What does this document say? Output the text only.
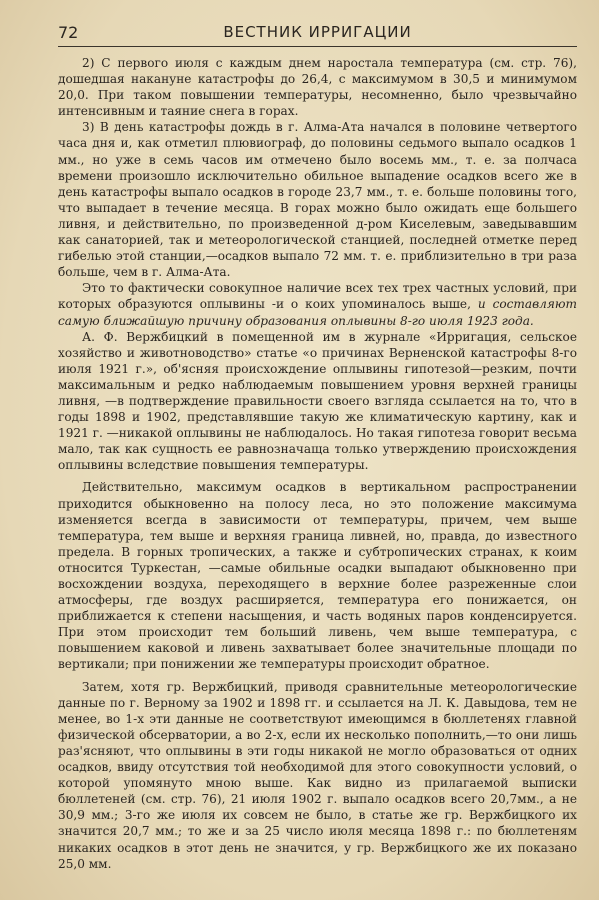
72	ВЕСТНИК ИРРИГАЦИИ

2) С первого июля с каждым днем наростала температура (см. стр. 76), дошедшая накануне катастрофы до 26,4, с максимумом в 30,5 и минимумом 20,0. При таком повышении температуры, несомненно, было чрезвычайно интенсивным и таяние снега в горах.

3) В день катастрофы дождь в г. Алма-Ата начался в половине четвертого часа дня и, как отметил плювиограф, до половины седьмого выпало осадков 1 мм., но уже в семь часов им отмечено было восемь мм., т. е. за полчаса времени произошло исключительно обильное выпадение осадков всего же в день катастрофы выпало осадков в городе 23,7 мм., т. е. больше половины того, что выпадает в течение месяца. В горах можно было ожидать еще большего ливня, и действительно, по произведенной д-ром Киселевым, заведывавшим как санаторией, так и метеорологической станцией, последней отметке перед гибелью этой станции,—осадков выпало 72 мм. т. е. приблизительно в три раза больше, чем в г. Алма-Ата.

Это то фактически совокупное наличие всех тех трех частных условий, при которых образуются оплывины -и о коих упоминалось выше, и составляют самую ближайшую причину образования оплывины 8-го июля 1923 года.

А. Ф. Вержбицкий в помещенной им в журнале «Ирригация, сельское хозяйство и животноводство» статье «о причинах Верненской катастрофы 8-го июля 1921 г.», об'ясняя происхождение оплывины гипотезой—резким, почти максимальным и редко наблюдаемым повышением уровня верхней границы ливня, —в подтверждение правильности своего взгляда ссылается на то, что в годы 1898 и 1902, представлявшие такую же климатическую картину, как и 1921 г. —никакой оплывины не наблюдалось. Но такая гипотеза говорит весьма мало, так как сущность ее равнозначаща только утверждению происхождения оплывины вследствие повышения температуры.

Действительно, максимум осадков в вертикальном распространении приходится обыкновенно на полосу леса, но это положение максимума изменяется всегда в зависимости от температуры, причем, чем выше температура, тем выше и верхняя граница ливней, но, правда, до известного предела. В горных тропических, а также и субтропических странах, к коим относится Туркестан, —самые обильные осадки выпадают обыкновенно при восхождении воздуха, переходящего в верхние более разреженные слои атмосферы, где воздух расширяется, температура его понижается, он приближается к степени насыщения, и часть водяных паров конденсируется. При этом происходит тем больший ливень, чем выше температура, с повышением каковой и ливень захватывает более значительные площади по вертикали; при понижении же температуры происходит обратное.

Затем, хотя гр. Вержбицкий, приводя сравнительные метеорологические данные по г. Верному за 1902 и 1898 гг. и ссылается на Л. К. Давыдова, тем не менее, во 1-х эти данные не соответствуют имеющимся в бюллетенях главной физической обсерватории, а во 2-х, если их несколько пополнить,—то они лишь раз'ясняют, что оплывины в эти годы никакой не могло образоваться от одних осадков, ввиду отсутствия той необходимой для этого совокупности условий, о которой упомянуто мною выше. Как видно из прилагаемой выписки бюллетеней (см. стр. 76), 21 июля 1902 г. выпало осадков всего 20,7мм., а не 30,9 мм.; 3-го же июля их совсем не было, в статье же гр. Вержбицкого их значится 20,7 мм.; то же и за 25 число июля месяца 1898 г.: по бюллетеням никаких осадков в этот день не значится, у гр. Вержбицкого же их показано 25,0 мм.
